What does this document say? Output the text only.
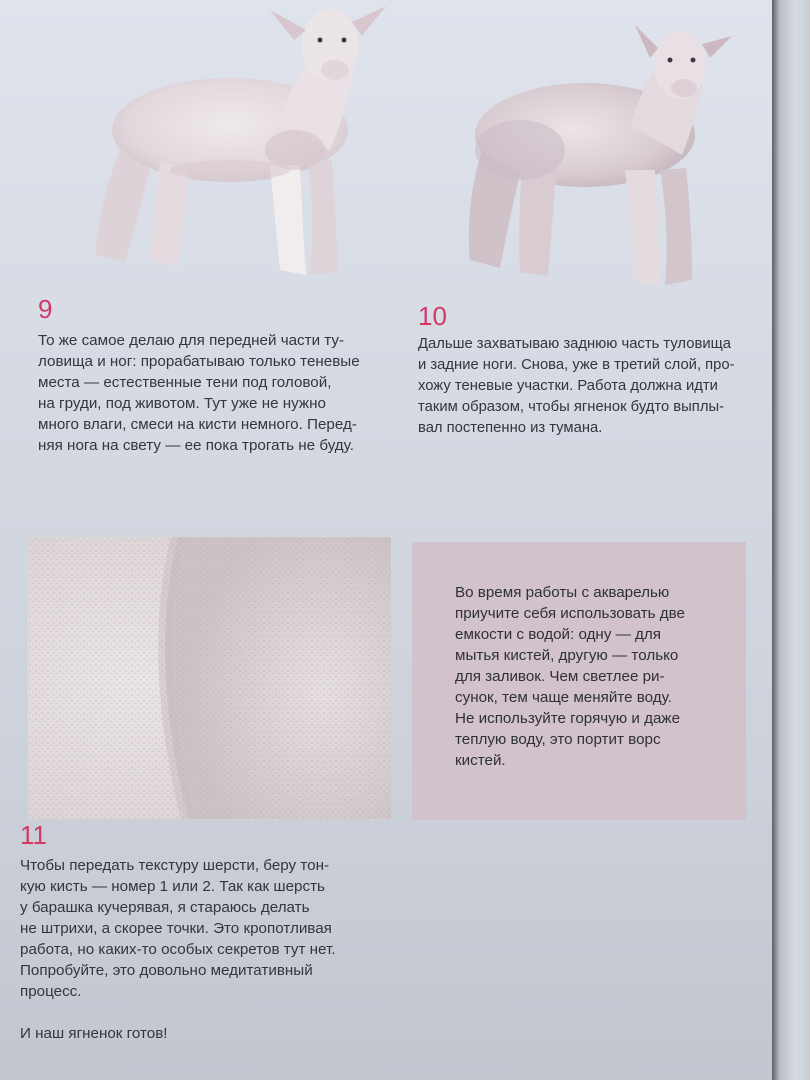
9
То же самое делаю для передней части ту-
ловища и ног: прорабатываю только теневые
места — естественные тени под головой,
на груди, под животом. Тут уже не нужно
много влаги, смеси на кисти немного. Перед-
няя нога на свету — ее пока трогать не буду.
10
Дальше захватываю заднюю часть туловища
и задние ноги. Снова, уже в третий слой, про-
хожу теневые участки. Работа должна идти
таким образом, чтобы ягненок будто выплы-
вал постепенно из тумана.
Во время работы с акварелью
приучите себя использовать две
емкости с водой: одну — для
мытья кистей, другую — только
для заливок. Чем светлее ри-
сунок, тем чаще меняйте воду.
Не используйте горячую и даже
теплую воду, это портит ворс
кистей.
11
Чтобы передать текстуру шерсти, беру тон-
кую кисть — номер 1 или 2. Так как шерсть
у барашка кучерявая, я стараюсь делать
не штрихи, а скорее точки. Это кропотливая
работа, но каких-то особых секретов тут нет.
Попробуйте, это довольно медитативный
процесс.

И наш ягненок готов!
